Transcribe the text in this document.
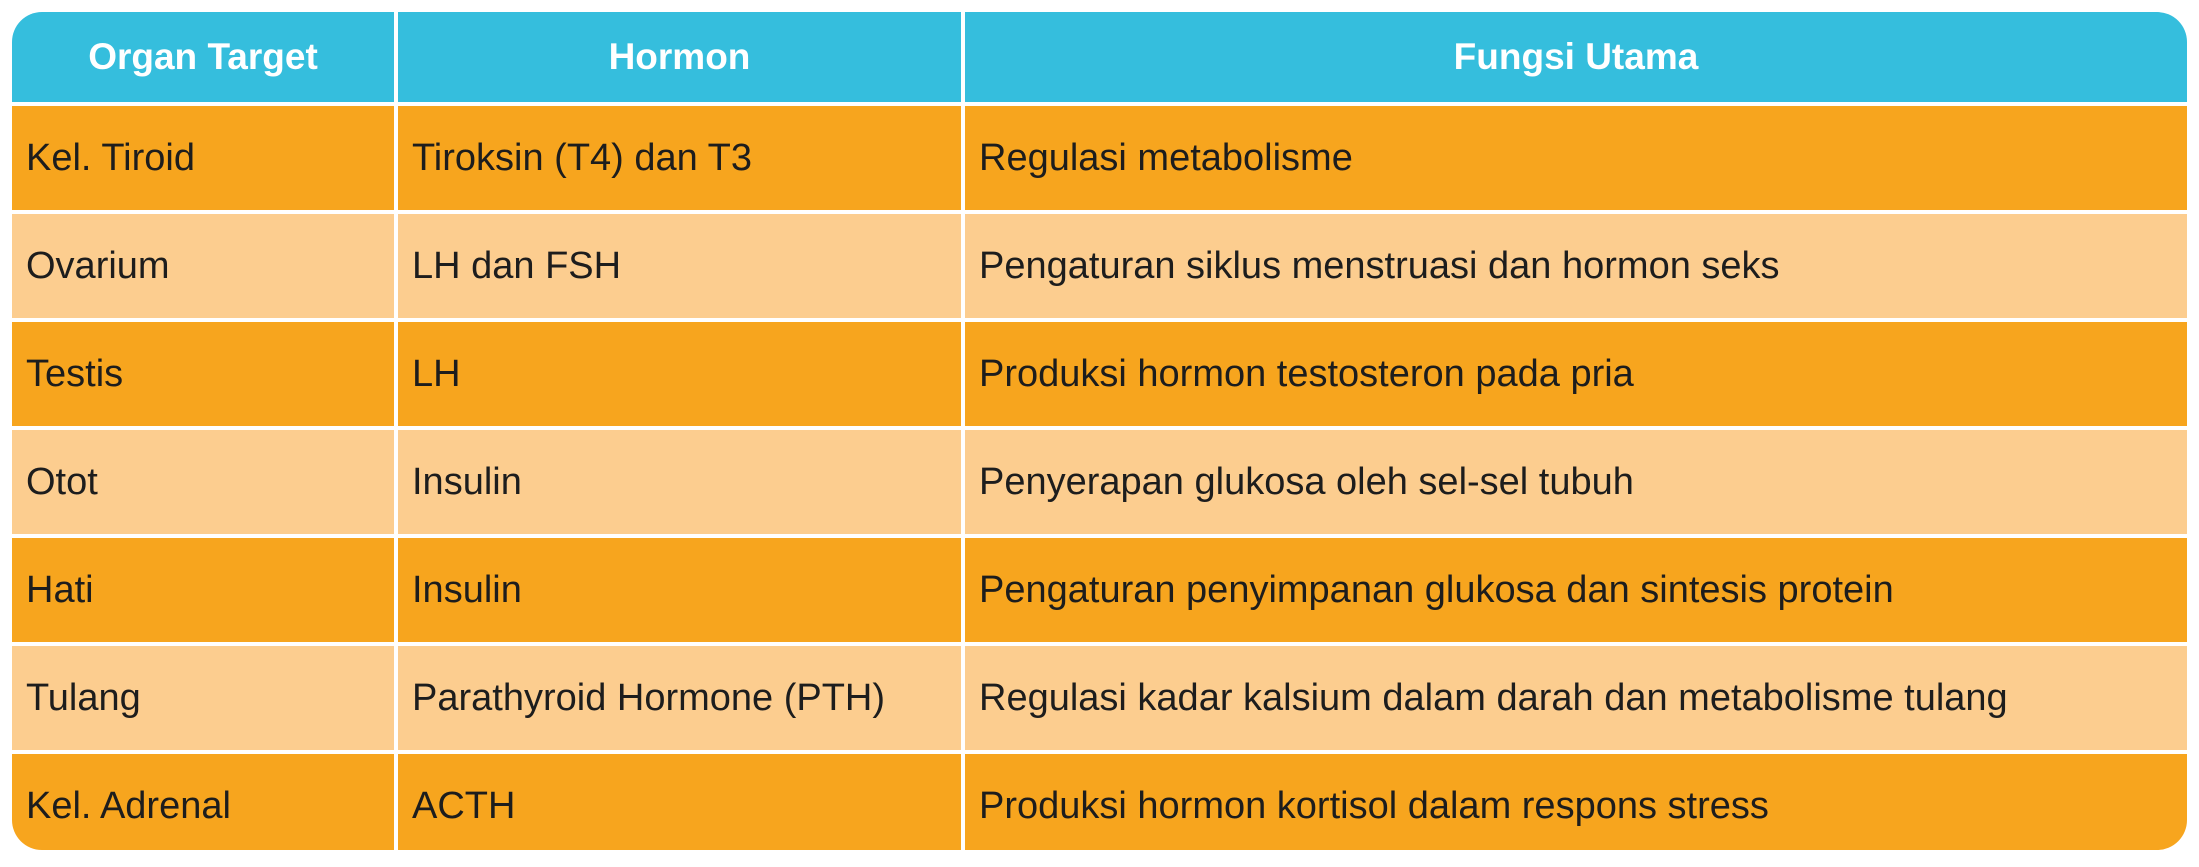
Organ Target	Hormon	Fungsi Utama
Kel. Tiroid	Tiroksin (T4) dan T3	Regulasi metabolisme
Ovarium	LH dan FSH	Pengaturan siklus menstruasi dan hormon seks
Testis	LH	Produksi hormon testosteron pada pria
Otot	Insulin	Penyerapan glukosa oleh sel-sel tubuh
Hati	Insulin	Pengaturan penyimpanan glukosa dan sintesis protein
Tulang	Parathyroid Hormone (PTH)	Regulasi kadar kalsium dalam darah dan metabolisme tulang
Kel. Adrenal	ACTH	Produksi hormon kortisol dalam respons stress
